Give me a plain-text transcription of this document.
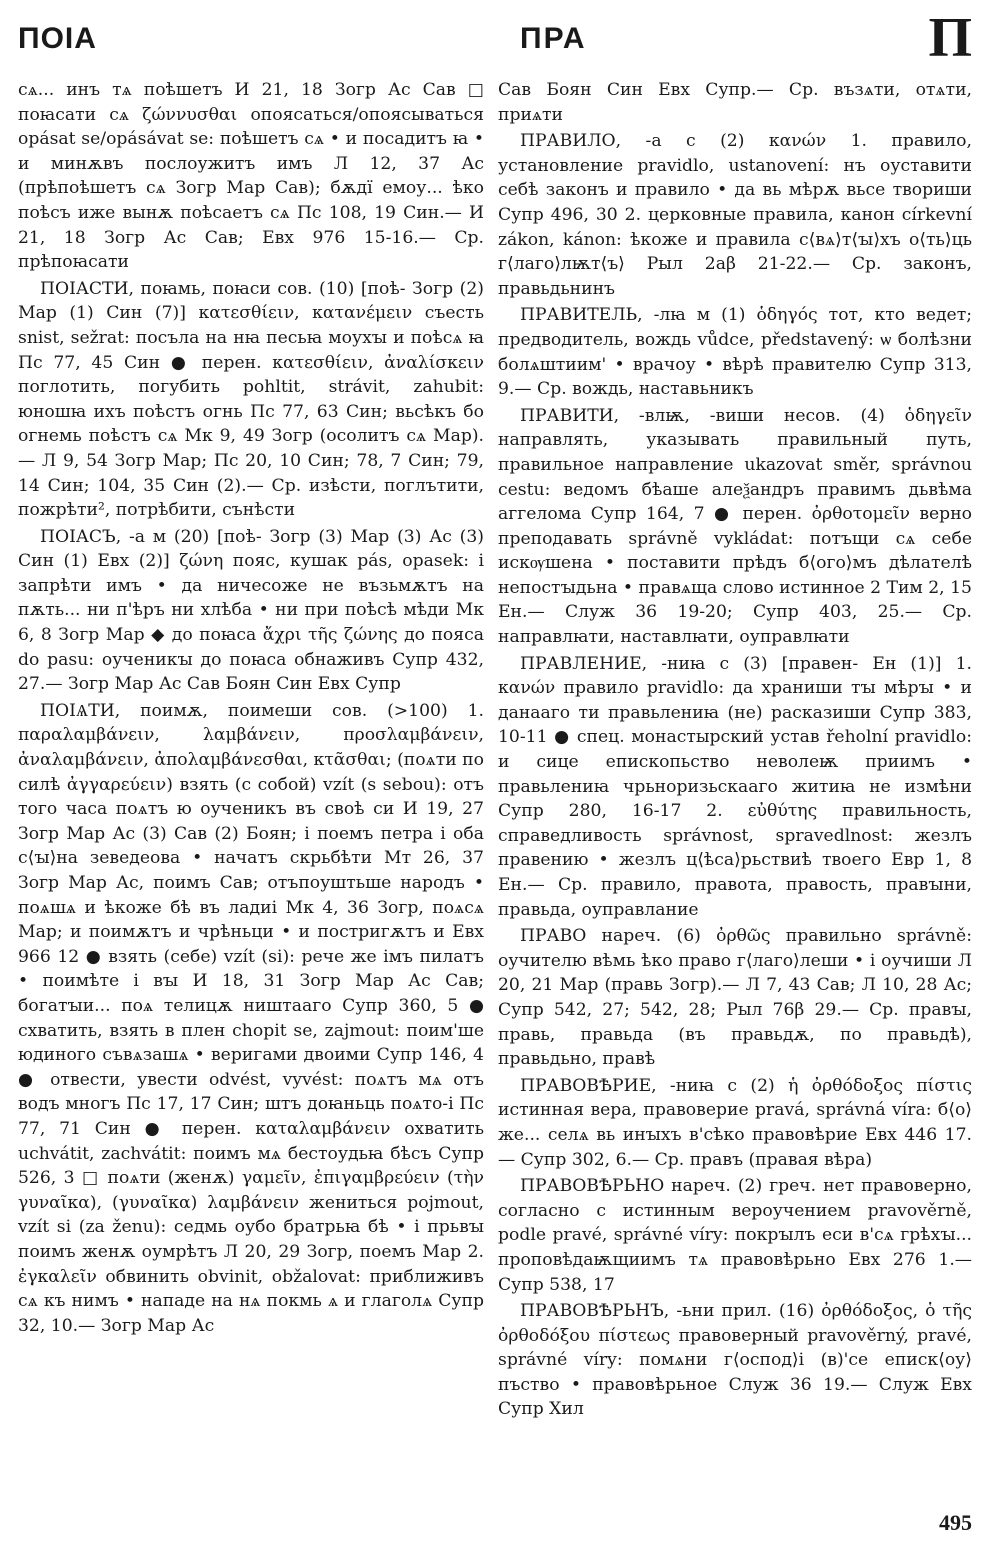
ПОІА	ПРА	П

сѧ... инъ тѧ поѣшетъ И 21, 18 Зогр Ас Сав □ поꙗсати сѧ ζώννυσθαι опоясаться/опоясываться opásat se/opásávat se: поѣшетъ сѧ • и посадитъ ꙗ • и минѫвъ послоужитъ имъ Л 12, 37 Ас (прѣпоѣшетъ сѧ Зогр Мар Сав); бѫдї емоу... ѣко поѣсъ иже вынѫ поѣсаетъ сѧ Пс 108, 19 Син.— И 21, 18 Зогр Ас Сав; Евх 976 15-16.— Ср. прѣпоꙗсати

ПОІАСТИ, поꙗмь, поꙗси сов. (10) [поѣ- Зогр (2) Мар (1) Син (7)] κατεσθίειν, κατανέμειν съесть snist, sežrat: посъла на нꙗ песьꙗ моухꙑ и поѣсѧ ꙗ Пс 77, 45 Син ● перен. κατεσθίειν, ἀναλίσκειν поглотить, погубить pohltit, strávit, zahubit: юношꙗ ихъ поѣстъ огнь Пс 77, 63 Син; вьсѣкъ бо огнемь поѣстъ сѧ Мк 9, 49 Зогр (осолитъ сѧ Мар).— Л 9, 54 Зогр Мар; Пс 20, 10 Син; 78, 7 Син; 79, 14 Син; 104, 35 Син (2).— Ср. изѣсти, поглътити, пожрѣти², потрѣбити, сънѣсти

ПОІАСЪ, -а м (20) [поѣ- Зогр (3) Мар (3) Ас (3) Син (1) Евх (2)] ζώνη пояс, кушак pás, opasek: і запрѣти имъ • да ничесоже не възьмѫтъ на пѫть... ни п'ѣръ ни хлѣба • ни при поѣсѣ мѣди Мк 6, 8 Зогр Мар ◆ до поꙗса ἄχρι τῆς ζώνης до пояса do pasu: оученикꙑ до поꙗса обнаживъ Супр 432, 27.— Зогр Мар Ас Сав Боян Син Евх Супр

ПОІѦТИ, поимѫ, поимеши сов. (>100) 1. παραλαμβάνειν, λαμβάνειν, προσλαμβάνειν, ἀναλαμβάνειν, ἀπολαμβάνεσθαι, κτᾶσθαι; (поѧти по силѣ ἀγγαρεύειν) взять (с собой) vzít (s sebou): отъ того часа поѧтъ ю оученикъ въ своѣ си И 19, 27 Зогр Мар Ас (3) Сав (2) Боян; і поемъ петра і оба с⟨ꙑ⟩на зеведеова • начатъ скрьбѣти Мт 26, 37 Зогр Мар Ас, поимъ Сав; отъпоуштьше народъ • поѧшѧ и ѣкоже бѣ въ ладиі Мк 4, 36 Зогр, поѧсѧ Мар; и поимѫтъ и чрѣньци • и постригѫтъ и Евх 966 12 ● взять (себе) vzít (si): рече же імъ пилатъ • поимѣте і вꙑ И 18, 31 Зогр Мар Ас Сав; богатꙑи... поѧ телицѫ ништааго Супр 360, 5 ● схватить, взять в плен chopit se, zajmout: поим'ше юдиного съвѧзашѧ • веригами двоими Супр 146, 4 ● отвести, увести odvést, vyvést: поѧтъ мѧ отъ водъ многъ Пс 17, 17 Син; штъ доꙗньць поѧто-і Пс 77, 71 Син ● перен. καταλαμβάνειν охватить uchvátit, zachvátit: поимъ мѧ бестоудьꙗ бѣсъ Супр 526, 3 □ поѧти (женѫ) γαμεῖν, ἐπιγαμβρεύειν (τὴν γυναῖκα), (γυναῖκα) λαμβάνειν жениться pojmout, vzít si (za ženu): седмь оубо братрьꙗ бѣ • і прьвꙑ поимъ женѫ оумрѣтъ Л 20, 29 Зогр, поемъ Мар 2. ἐγκαλεῖν обвинить obvinit, obžalovat: приближивъ сѧ къ нимъ • нападе на нѧ покмь ѧ и глаголѧ Супр 32, 10.— Зогр Мар Ас

Сав Боян Син Евх Супр.— Ср. възѧти, отѧти, приѧти

ПРАВИЛО, -а с (2) κανών 1. правило, установление pravidlo, ustanovení: нъ оуставити себѣ законъ и правило • да вь мѣрѫ вьсе твориши Супр 496, 30 2. церковные правила, канон církevní zákon, kánon: ѣкоже и правила с⟨вѧ⟩т⟨ꙑ⟩хъ о⟨ть⟩ць г⟨лаго⟩лѭт⟨ъ⟩ Рыл 2аβ 21-22.— Ср. законъ, правьдьнинъ

ПРАВИТЕЛЬ, -лꙗ м (1) ὁδηγός тот, кто ведет; предводитель, вождь vůdce, představený: ѡ болѣзни болѧштиим' • врачоу • вѣрѣ правителю Супр 313, 9.— Ср. вождь, наставьникъ

ПРАВИТИ, -влѭ, -виши несов. (4) ὁδηγεῖν направлять, указывать правильный путь, правильное направление ukazovat směr, správnou cestu: ведомъ бѣаше алеѯандръ правимъ дьвѣма аггелома Супр 164, 7 ● перен. ὀρθοτομεῖν верно преподавать správně vykládat: потъщи сѧ себе искѹшена • поставити прѣдъ б⟨ого⟩мъ дѣлателѣ непостꙑдьна • правѧща слово истинное 2 Тим 2, 15 Ен.— Служ 36 19-20; Супр 403, 25.— Ср. направлꙗти, наставлꙗти, оуправлꙗти

ПРАВЛЕНИЕ, -ниꙗ с (3) [правен- Ен (1)] 1. κανών правило pravidlo: да храниши тꙑ мѣрꙑ • и данааго ти правьлениꙗ (не) расказиши Супр 383, 10-11 ● спец. монастырский устав řeholní pravidlo: и сице епископьство неволеѭ приимъ • правьлениꙗ чрьноризьскааго житиꙗ не измѣни Супр 280, 16-17 2. εὐθύτης правильность, справедливость správnost, spravedlnost: жезлъ правению • жезлъ ц⟨ѣса⟩рьствиѣ твоего Евр 1, 8 Ен.— Ср. правило, правота, правость, правꙑни, правьда, оуправлание

ПРАВО нареч. (6) ὀρθῶς правильно správně: оучителю вѣмь ѣко право г⟨лаго⟩леши • і оучиши Л 20, 21 Мар (правь Зогр).— Л 7, 43 Сав; Л 10, 28 Ас; Супр 542, 27; 542, 28; Рыл 76β 29.— Ср. правꙑ, правь, правьда (въ правьдѫ, по правьдѣ), правьдьно, правѣ

ПРАВОВѢРИЕ, -ниꙗ с (2) ἡ ὀρθόδοξος πίστις истинная вера, правоверие pravá, správná víra: б⟨о⟩же... селѧ вь инꙑхъ в'сѣко правовѣрие Евх 446 17.— Супр 302, 6.— Ср. правъ (правая вѣра)

ПРАВОВѢРЬНО нареч. (2) греч. нет правоверно, согласно с истинным вероучением pravověrně, podle pravé, správné víry: покрꙑлъ еси в'сѧ грѣхꙑ... проповѣдаѭщиимъ тѧ правовѣрьно Евх 276 1.— Супр 538, 17

ПРАВОВѢРЬНЪ, -ьни прил. (16) ὀρθόδοξος, ὁ τῆς ὀρθοδόξου πίστεως правоверный pravověrný, pravé, správné víry: помѧни г⟨оспод⟩і (в)'се еписк⟨оу⟩пъство • правовѣрьное Служ 36 19.— Служ Евх Супр Хил

495
